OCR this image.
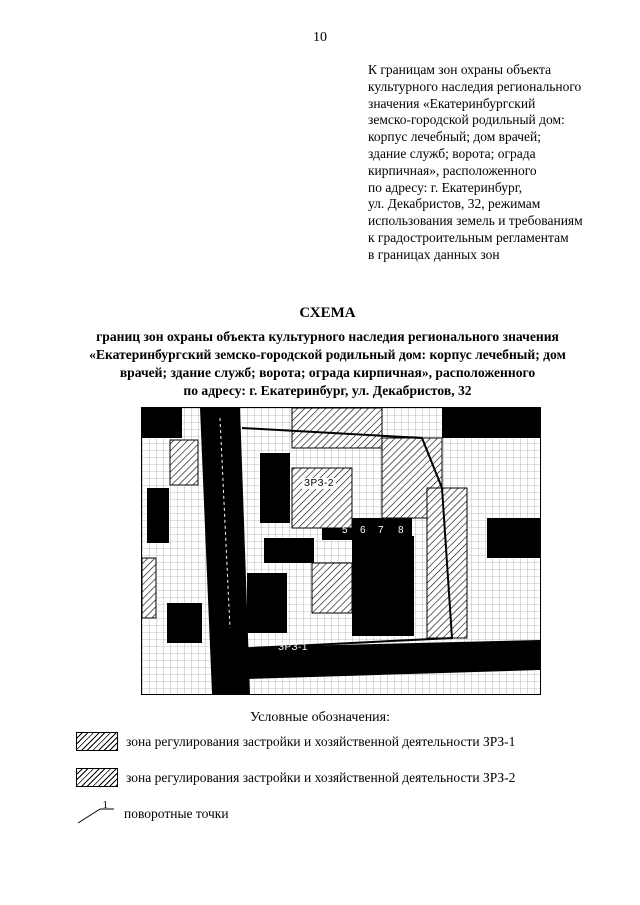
10
К границам зон охраны объекта
культурного наследия регионального
значения «Екатеринбургский
земско-городской родильный дом:
корпус лечебный; дом врачей;
здание служб; ворота; ограда
кирпичная», расположенного
по адресу: г. Екатеринбург,
ул. Декабристов, 32, режимам
использования земель и требованиям
к градостроительным регламентам
в границах данных зон
СХЕМА
границ зон охраны объекта культурного наследия регионального значения
«Екатеринбургский земско-городской родильный дом: корпус лечебный; дом
врачей; здание служб; ворота; ограда кирпичная», расположенного
по адресу: г. Екатеринбург, ул. Декабристов, 32
ЗРЗ-2
ЗРЗ-1
5 6 7 8
Условные обозначения:
зона регулирования застройки и хозяйственной деятельности ЗРЗ-1
зона регулирования застройки и хозяйственной деятельности ЗРЗ-2
1
поворотные точки
